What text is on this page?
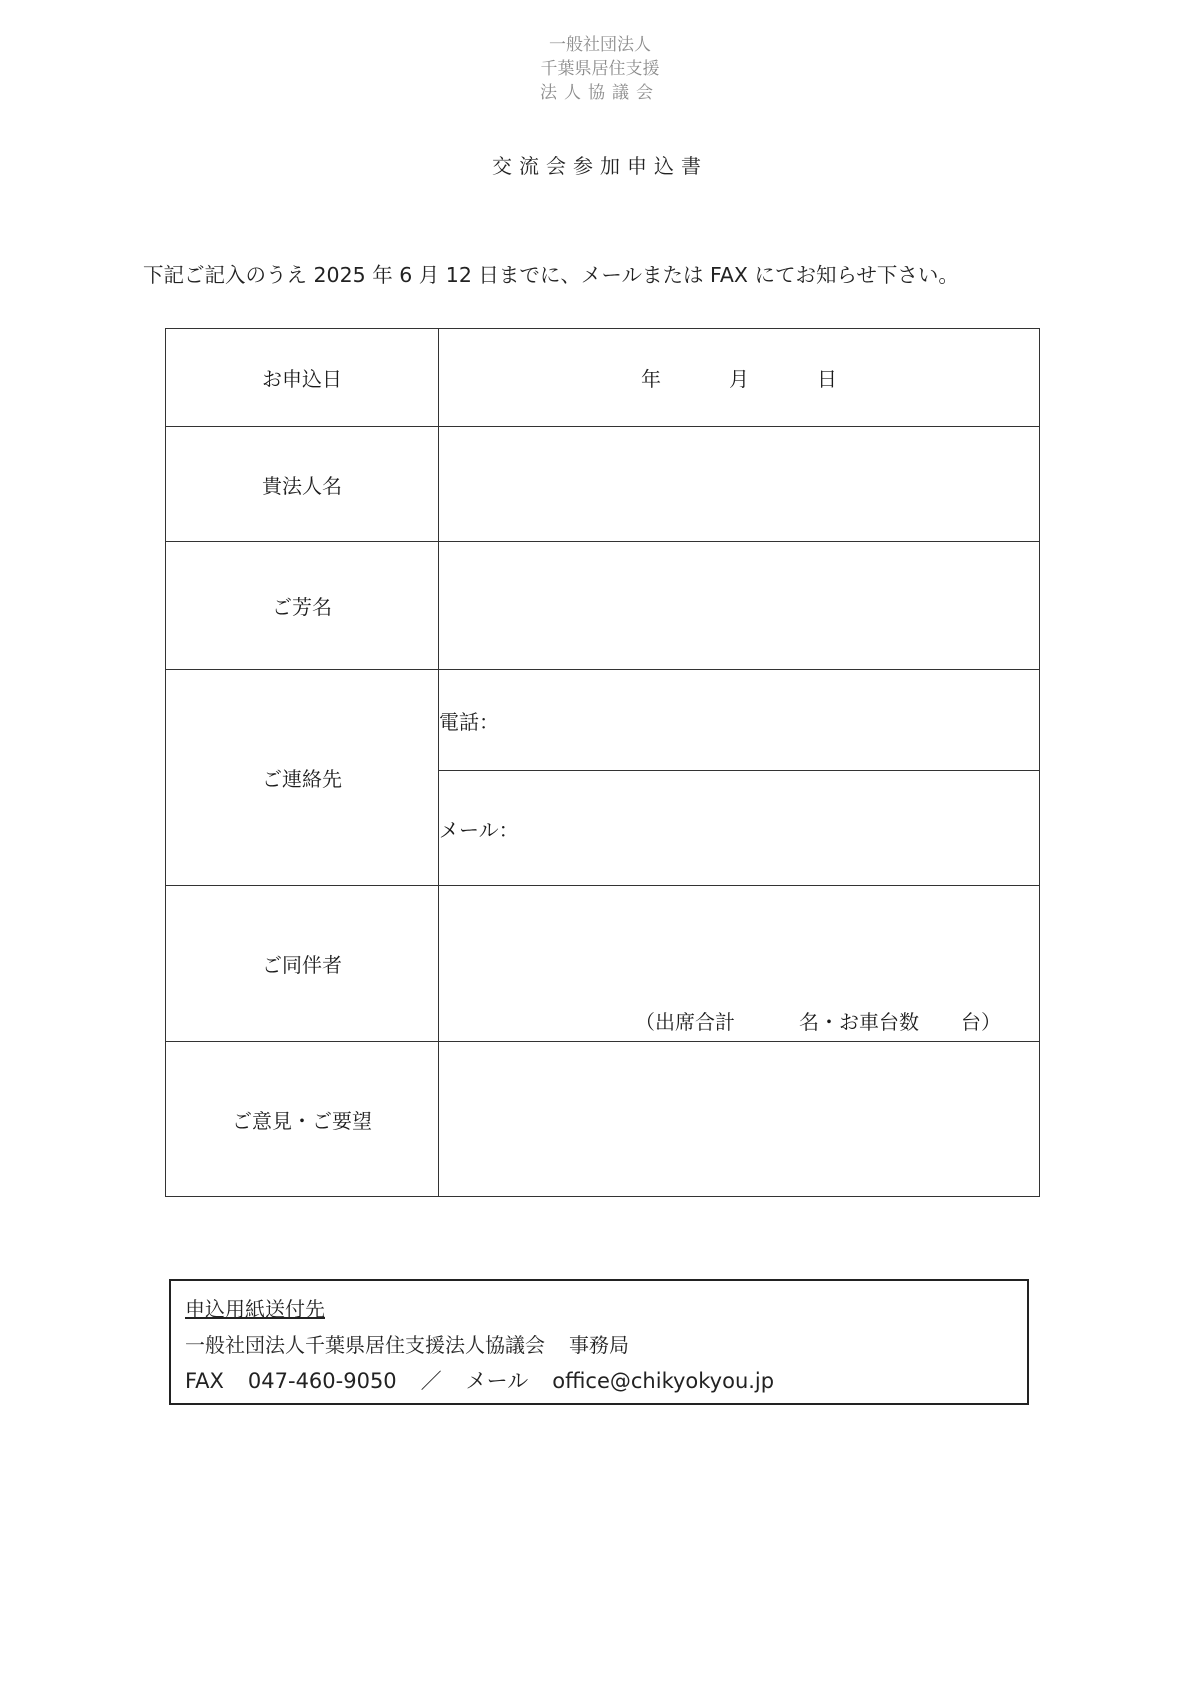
一般社団法人
千葉県居住支援
法人協議会
交流会参加申込書
下記ご記入のうえ 2025 年 6 月 12 日までに、メールまたは FAX にてお知らせ下さい。
お申込日	年 月 日
貴法人名	
ご芳名	
ご連絡先	電話：
	メール：
ご同伴者	（出席合計 名・お車台数 台）

ご意見・ご要望	
申込用紙送付先
一般社団法人千葉県居住支援法人協議会 事務局
FAX 047-460-9050 ／ メール office@chikyokyou.jp
